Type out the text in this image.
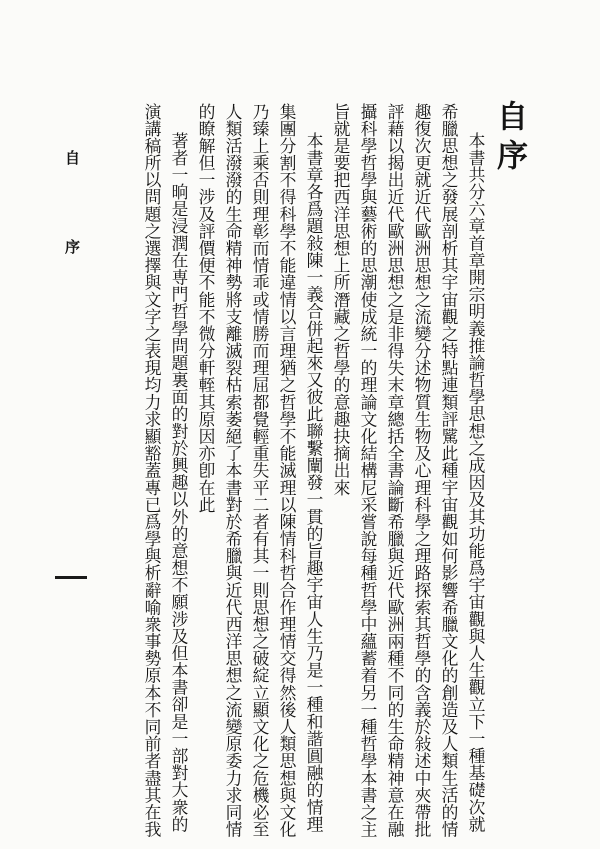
自序
自 序	本書共分六章首章開宗明義推論哲學思想之成因及其功能爲宇宙觀與人生觀立下一種基礎次就
希臘思想之發展剖析其宇宙觀之特點連類評騭此種宇宙觀如何影響希臘文化的創造及人類生活的情
趣復次更就近代歐洲思想之流變分述物質生物及心理科學之理路探索其哲學的含義於敍述中夾帶批
評藉以揭出近代歐洲思想之是非得失末章總括全書論斷希臘與近代歐洲兩種不同的生命精神意在融
攝科學哲學與藝術的思潮使成統一的理論文化結構尼采嘗說每種哲學中蘊蓄着另一種哲學本書之主
旨就是要把西洋思想上所潛藏之哲學的意趣抉摘出來
本書章各爲題敍陳一義合併起來又彼此聯繫闡發一貫的旨趣宇宙人生乃是一種和諧圓融的情理
集團分割不得科學不能違情以言理猶之哲學不能滅理以陳情科哲合作理情交得然後人類思想與文化
乃臻上乘否則理彰而情乖或情勝而理屈都覺輕重失平二者有其一則思想之破綻立顯文化之危機必至
人類活潑潑的生命精神勢將支離滅裂枯索萎絕了本書對於希臘與近代西洋思想之流變原委力求同情
的瞭解但一涉及評價便不能不微分軒輊其原因亦卽在此
著者一晌是浸潤在専門哲學問題裏面的對於興趣以外的意想不願涉及但本書卻是一部對大衆的
演講稿所以問題之選擇與文字之表現均力求顯豁蓋專已爲學與析辭喻衆事勢原本不同前者盡其在我
